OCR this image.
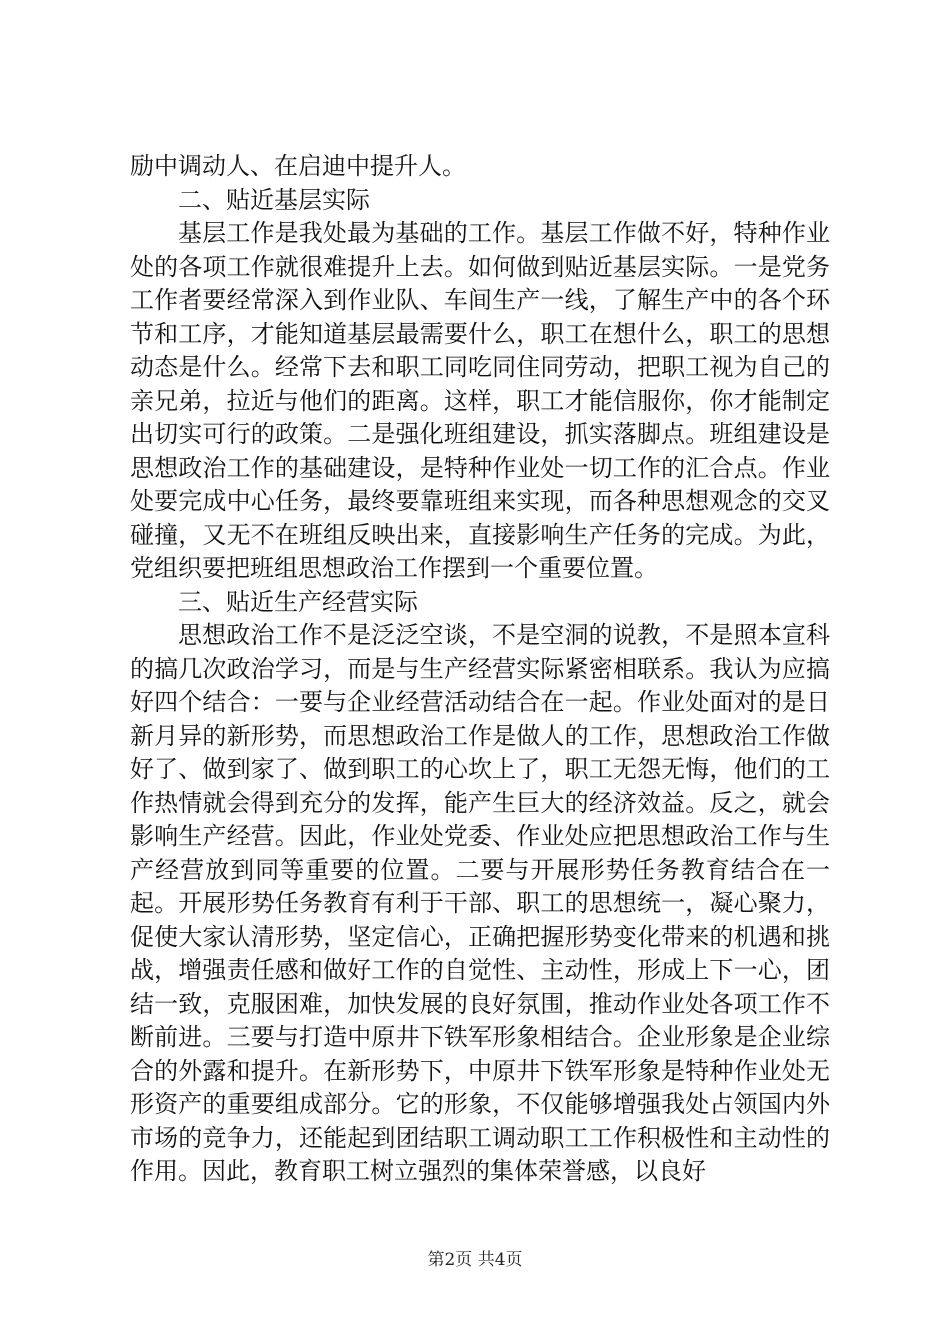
励中调动人、在启迪中提升人。

二、贴近基层实际

基层工作是我处最为基础的工作。基层工作做不好，特种作业处的各项工作就很难提升上去。如何做到贴近基层实际。一是党务工作者要经常深入到作业队、车间生产一线，了解生产中的各个环节和工序，才能知道基层最需要什么，职工在想什么，职工的思想动态是什么。经常下去和职工同吃同住同劳动，把职工视为自己的亲兄弟，拉近与他们的距离。这样，职工才能信服你，你才能制定出切实可行的政策。二是强化班组建设，抓实落脚点。班组建设是思想政治工作的基础建设，是特种作业处一切工作的汇合点。作业处要完成中心任务，最终要靠班组来实现，而各种思想观念的交叉碰撞，又无不在班组反映出来，直接影响生产任务的完成。为此，党组织要把班组思想政治工作摆到一个重要位置。

三、贴近生产经营实际

思想政治工作不是泛泛空谈，不是空洞的说教，不是照本宣科的搞几次政治学习，而是与生产经营实际紧密相联系。我认为应搞好四个结合：一要与企业经营活动结合在一起。作业处面对的是日新月异的新形势，而思想政治工作是做人的工作，思想政治工作做好了、做到家了、做到职工的心坎上了，职工无怨无悔，他们的工作热情就会得到充分的发挥，能产生巨大的经济效益。反之，就会影响生产经营。因此，作业处党委、作业处应把思想政治工作与生产经营放到同等重要的位置。二要与开展形势任务教育结合在一起。开展形势任务教育有利于干部、职工的思想统一，凝心聚力，促使大家认清形势，坚定信心，正确把握形势变化带来的机遇和挑战，增强责任感和做好工作的自觉性、主动性，形成上下一心，团结一致，克服困难，加快发展的良好氛围，推动作业处各项工作不断前进。三要与打造中原井下铁军形象相结合。企业形象是企业综合的外露和提升。在新形势下，中原井下铁军形象是特种作业处无形资产的重要组成部分。它的形象，不仅能够增强我处占领国内外市场的竞争力，还能起到团结职工调动职工工作积极性和主动性的作用。因此，教育职工树立强烈的集体荣誉感，以良好

第2页 共4页
